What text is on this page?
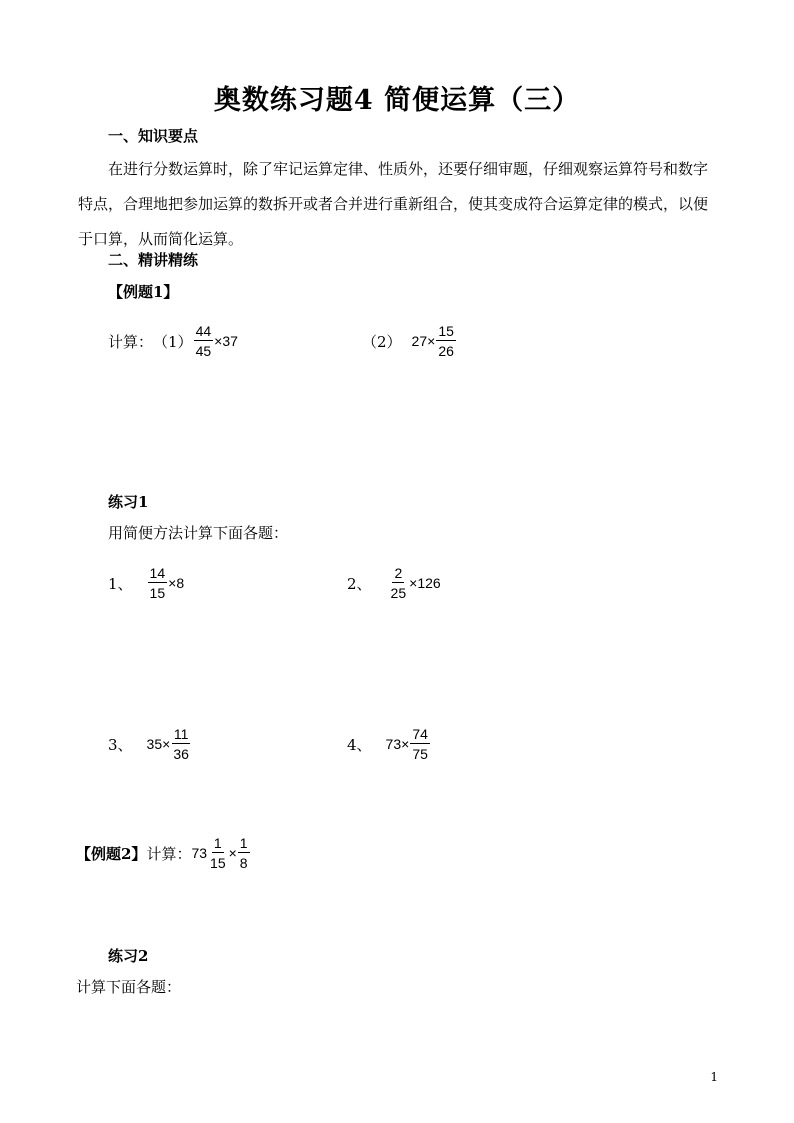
奥数练习题4 简便运算（三）
一、知识要点
在进行分数运算时，除了牢记运算定律、性质外，还要仔细审题，仔细观察运算符号和数字特点，合理地把参加运算的数拆开或者合并进行重新组合，使其变成符合运算定律的模式，以便于口算，从而简化运算。
二、精讲精练
【例题1】
计算： $(1) \frac{44}{45} \times 37$	（2） $27 \times \frac{15}{26}$
练习1
用简便方法计算下面各题：
1、 $\frac{14}{15} \times 8$	2、 $\frac{2}{25} \times 126$
3、 $35 \times \frac{11}{36}$	4、 $73 \times \frac{74}{75}$
【例题2】 计算： $73 \frac{1}{15} \times \frac{1}{8}$
练习2
计算下面各题：
1
